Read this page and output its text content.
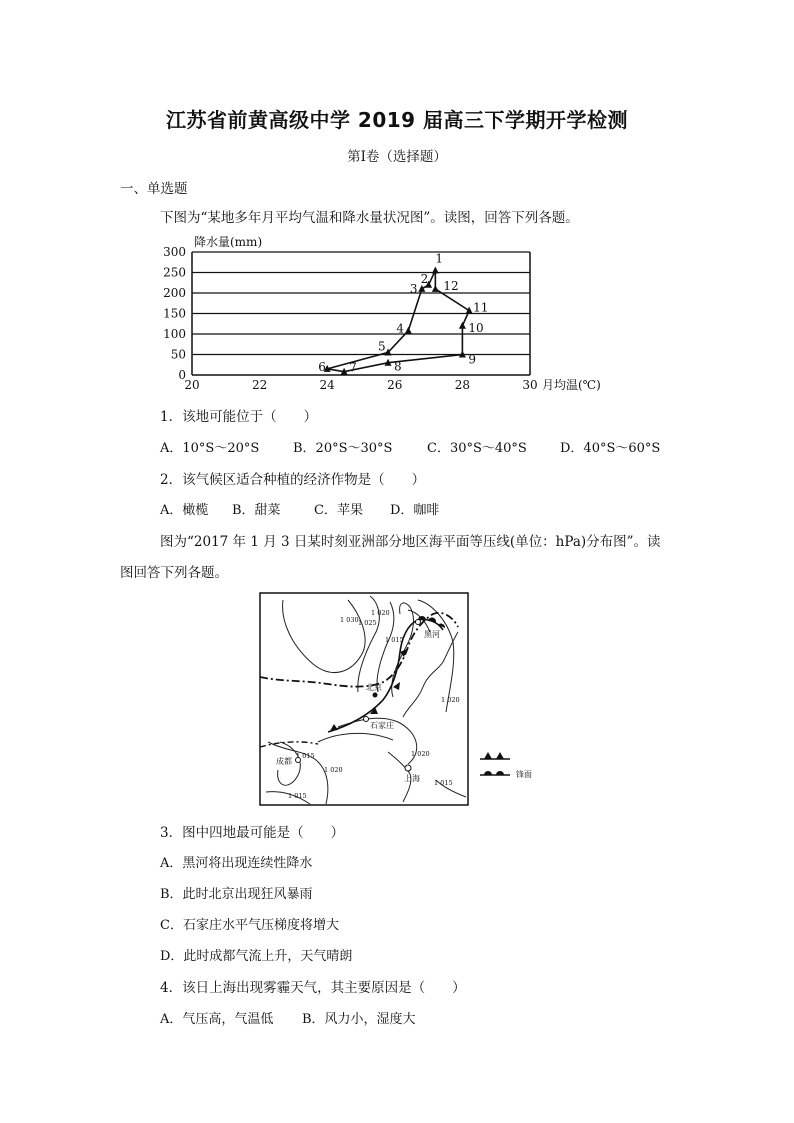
江苏省前黄高级中学 2019 届高三下学期开学检测
第Ⅰ卷（选择题）
一、单选题
下图为“某地多年月平均气温和降水量状况图”。读图，回答下列各题。
0
50
100
150
200
250
300
20	22	24	26	28	30
降水量(mm)
月均温(℃)
1
2
3
4
5
6 7	8
9
10
11
12
1．该地可能位于（　　）
A．10°S～20°S	B．20°S～30°S	C．30°S～40°S	D．40°S～60°S
2．该气候区适合种植的经济作物是（　　）
A．橄榄 B．甜菜	C．苹果 D．咖啡
图为“2017 年 1 月 3 日某时刻亚洲部分地区海平面等压线(单位：hPa)分布图”。读
图回答下列各题。
黑河
北京
石家庄
成都
上海
1 030 1 025
1 020
1 015
1 020
1 020
1 015
1 020
1 015
1 015
锋面
3．图中四地最可能是（　　）
A．黑河将出现连续性降水
B．此时北京出现狂风暴雨
C．石家庄水平气压梯度将增大
D．此时成都气流上升，天气晴朗
4．该日上海出现雾霾天气，其主要原因是（　　）
A．气压高，气温低 B．风力小，湿度大
